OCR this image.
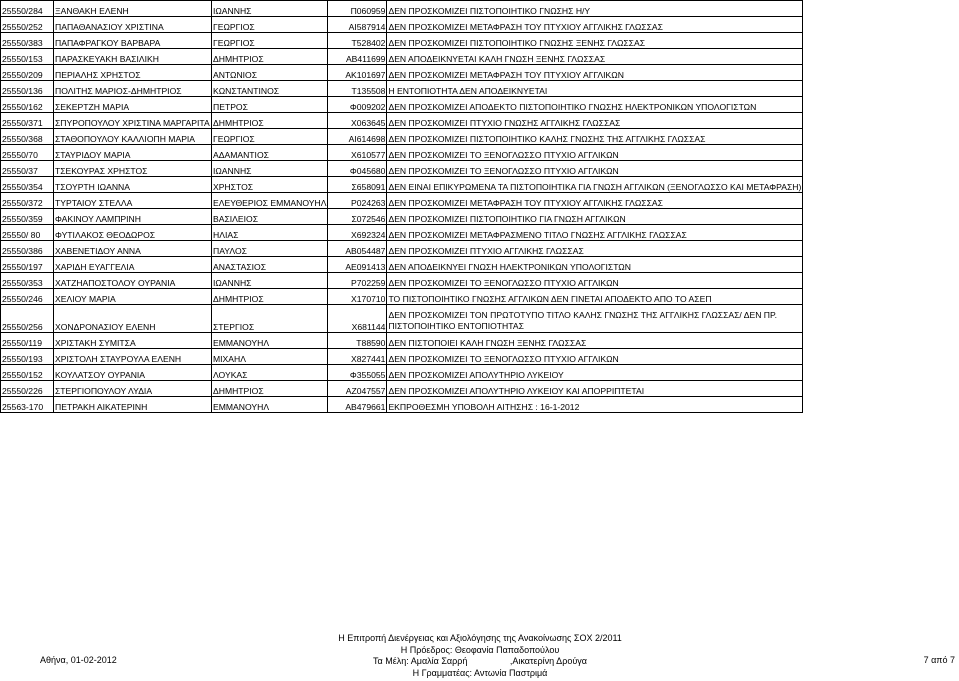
25550/284	ΞΑΝΘΑΚΗ ΕΛΕΝΗ	ΙΩΑΝΝΗΣ	Π060959	ΔΕΝ ΠΡΟΣΚΟΜΙΖΕΙ ΠΙΣΤΟΠΟΙΗΤΙΚΟ ΓΝΩΣΗΣ Η/Υ
25550/252	ΠΑΠΑΘΑΝΑΣΙΟΥ ΧΡΙΣΤΙΝΑ	ΓΕΩΡΓΙΟΣ	ΑΙ587914	ΔΕΝ ΠΡΟΣΚΟΜΙΖΕΙ ΜΕΤΑΦΡΑΣΗ ΤΟΥ ΠΤΥΧΙΟΥ ΑΓΓΛΙΚΗΣ ΓΛΩΣΣΑΣ
25550/383	ΠΑΠΑΦΡΑΓΚΟΥ ΒΑΡΒΑΡΑ	ΓΕΩΡΓΙΟΣ	Τ528402	ΔΕΝ ΠΡΟΣΚΟΜΙΖΕΙ ΠΙΣΤΟΠΟΙΗΤΙΚΟ ΓΝΩΣΗΣ ΞΕΝΗΣ ΓΛΩΣΣΑΣ
25550/153	ΠΑΡΑΣΚΕΥΑΚΗ ΒΑΣΙΛΙΚΗ	ΔΗΜΗΤΡΙΟΣ	ΑΒ411699	ΔΕΝ ΑΠΟΔΕΙΚΝΥΕΤΑΙ ΚΑΛΗ ΓΝΩΣΗ ΞΕΝΗΣ ΓΛΩΣΣΑΣ
25550/209	ΠΕΡΙΑΛΗΣ ΧΡΗΣΤΟΣ	ΑΝΤΩΝΙΟΣ	ΑΚ101697	ΔΕΝ ΠΡΟΣΚΟΜΙΖΕΙ ΜΕΤΑΦΡΑΣΗ ΤΟΥ ΠΤΥΧΙΟΥ ΑΓΓΛΙΚΩΝ
25550/136	ΠΟΛΙΤΗΣ ΜΑΡΙΟΣ-ΔΗΜΗΤΡΙΟΣ	ΚΩΝΣΤΑΝΤΙΝΟΣ	Τ135508	Η ΕΝΤΟΠΙΟΤΗΤΑ ΔΕΝ ΑΠΟΔΕΙΚΝΥΕΤΑΙ
25550/162	ΣΕΚΕΡΤΖΗ ΜΑΡΙΑ	ΠΕΤΡΟΣ	Φ009202	ΔΕΝ ΠΡΟΣΚΟΜΙΖΕΙ ΑΠΟΔΕΚΤΟ ΠΙΣΤΟΠΟΙΗΤΙΚΟ ΓΝΩΣΗΣ ΗΛΕΚΤΡΟΝΙΚΩΝ ΥΠΟΛΟΓΙΣΤΩΝ
25550/371	ΣΠΥΡΟΠΟΥΛΟΥ ΧΡΙΣΤΙΝΑ ΜΑΡΓΑΡΙΤΑ	ΔΗΜΗΤΡΙΟΣ	Χ063645	ΔΕΝ ΠΡΟΣΚΟΜΙΖΕΙ ΠΤΥΧΙΟ ΓΝΩΣΗΣ ΑΓΓΛΙΚΗΣ ΓΛΩΣΣΑΣ
25550/368	ΣΤΑΘΟΠΟΥΛΟΥ ΚΑΛΛΙΟΠΗ ΜΑΡΙΑ	ΓΕΩΡΓΙΟΣ	ΑΙ614698	ΔΕΝ ΠΡΟΣΚΟΜΙΖΕΙ ΠΙΣΤΟΠΟΙΗΤΙΚΟ ΚΑΛΗΣ ΓΝΩΣΗΣ ΤΗΣ ΑΓΓΛΙΚΗΣ ΓΛΩΣΣΑΣ
25550/70	ΣΤΑΥΡΙΔΟΥ ΜΑΡΙΑ	ΑΔΑΜΑΝΤΙΟΣ	Χ610577	ΔΕΝ ΠΡΟΣΚΟΜΙΖΕΙ ΤΟ ΞΕΝΟΓΛΩΣΣΟ ΠΤΥΧΙΟ ΑΓΓΛΙΚΩΝ
25550/37	ΤΣΕΚΟΥΡΑΣ ΧΡΗΣΤΟΣ	ΙΩΑΝΝΗΣ	Φ045680	ΔΕΝ ΠΡΟΣΚΟΜΙΖΕΙ ΤΟ ΞΕΝΟΓΛΩΣΣΟ ΠΤΥΧΙΟ ΑΓΓΛΙΚΩΝ
25550/354	ΤΣΟΥΡΤΗ ΙΩΑΝΝΑ	ΧΡΗΣΤΟΣ	Σ658091	ΔΕΝ ΕΙΝΑΙ ΕΠΙΚΥΡΩΜΕΝΑ ΤΑ ΠΙΣΤΟΠΟΙΗΤΙΚΑ ΓΙΑ ΓΝΩΣΗ ΑΓΓΛΙΚΩΝ (ΞΕΝΟΓΛΩΣΣΟ ΚΑΙ ΜΕΤΑΦΡΑΣΗ)
25550/372	ΤΥΡΤΑΙΟΥ ΣΤΕΛΛΑ	ΕΛΕΥΘΕΡΙΟΣ ΕΜΜΑΝΟΥΗΛ	Ρ024263	ΔΕΝ ΠΡΟΣΚΟΜΙΖΕΙ ΜΕΤΑΦΡΑΣΗ ΤΟΥ ΠΤΥΧΙΟΥ ΑΓΓΛΙΚΗΣ ΓΛΩΣΣΑΣ
25550/359	ΦΑΚΙΝΟΥ ΛΑΜΠΡΙΝΗ	ΒΑΣΙΛΕΙΟΣ	Σ072546	ΔΕΝ ΠΡΟΣΚΟΜΙΖΕΙ ΠΙΣΤΟΠΟΙΗΤΙΚΟ ΓΙΑ ΓΝΩΣΗ ΑΓΓΛΙΚΩΝ
25550/ 80	ΦΥΤΙΛΑΚΟΣ ΘΕΟΔΩΡΟΣ	ΗΛΙΑΣ	Χ692324	ΔΕΝ ΠΡΟΣΚΟΜΙΖΕΙ ΜΕΤΑΦΡΑΣΜΕΝΟ ΤΙΤΛΟ ΓΝΩΣΗΣ ΑΓΓΛΙΚΗΣ ΓΛΩΣΣΑΣ
25550/386	ΧΑΒΕΝΕΤΙΔΟΥ ΑΝΝΑ	ΠΑΥΛΟΣ	ΑΒ054487	ΔΕΝ ΠΡΟΣΚΟΜΙΖΕΙ ΠΤΥΧΙΟ ΑΓΓΛΙΚΗΣ ΓΛΩΣΣΑΣ
25550/197	ΧΑΡΙΔΗ ΕΥΑΓΓΕΛΙΑ	ΑΝΑΣΤΑΣΙΟΣ	ΑΕ091413	ΔΕΝ ΑΠΟΔΕΙΚΝΥΕΙ ΓΝΩΣΗ ΗΛΕΚΤΡΟΝΙΚΩΝ ΥΠΟΛΟΓΙΣΤΩΝ
25550/353	ΧΑΤΖΗΑΠΟΣΤΟΛΟΥ ΟΥΡΑΝΙΑ	ΙΩΑΝΝΗΣ	Ρ702259	ΔΕΝ ΠΡΟΣΚΟΜΙΖΕΙ ΤΟ ΞΕΝΟΓΛΩΣΣΟ ΠΤΥΧΙΟ ΑΓΓΛΙΚΩΝ
25550/246	ΧΕΛΙΟΥ ΜΑΡΙΑ	ΔΗΜΗΤΡΙΟΣ	Χ170710	ΤΟ ΠΙΣΤΟΠΟΙΗΤΙΚΟ ΓΝΩΣΗΣ ΑΓΓΛΙΚΩΝ ΔΕΝ ΓΙΝΕΤΑΙ ΑΠΟΔΕΚΤΟ ΑΠΟ ΤΟ ΑΣΕΠ
25550/256	ΧΟΝΔΡΟΝΑΣΙΟΥ ΕΛΕΝΗ	ΣΤΕΡΓΙΟΣ	Χ681144	ΔΕΝ ΠΡΟΣΚΟΜΙΖΕΙ ΤΟΝ ΠΡΩΤΟΤΥΠΟ ΤΙΤΛΟ ΚΑΛΗΣ ΓΝΩΣΗΣ ΤΗΣ ΑΓΓΛΙΚΗΣ ΓΛΩΣΣΑΣ/ ΔΕΝ ΠΡ. ΠΙΣΤΟΠΟΙΗΤΙΚΟ ΕΝΤΟΠΙΟΤΗΤΑΣ
25550/119	ΧΡΙΣΤΑΚΗ ΣΥΜΙΤΣΑ	ΕΜΜΑΝΟΥΗΛ	Τ88590	ΔΕΝ ΠΙΣΤΟΠΟΙΕΙ ΚΑΛΗ ΓΝΩΣΗ ΞΕΝΗΣ ΓΛΩΣΣΑΣ
25550/193	ΧΡΙΣΤΟΛΗ ΣΤΑΥΡΟΥΛΑ ΕΛΕΝΗ	ΜΙΧΑΗΛ	Χ827441	ΔΕΝ ΠΡΟΣΚΟΜΙΖΕΙ ΤΟ ΞΕΝΟΓΛΩΣΣΟ ΠΤΥΧΙΟ ΑΓΓΛΙΚΩΝ
25550/152	ΚΟΥΛΑΤΣΟΥ ΟΥΡΑΝΙΑ	ΛΟΥΚΑΣ	Φ355055	ΔΕΝ ΠΡΟΣΚΟΜΙΖΕΙ ΑΠΟΛΥΤΗΡΙΟ ΛΥΚΕΙΟΥ
25550/226	ΣΤΕΡΓΙΟΠΟΥΛΟΥ ΛΥΔΙΑ	ΔΗΜΗΤΡΙΟΣ	ΑΖ047557	ΔΕΝ ΠΡΟΣΚΟΜΙΖΕΙ ΑΠΟΛΥΤΗΡΙΟ ΛΥΚΕΙΟΥ ΚΑΙ ΑΠΟΡΡΙΠΤΕΤΑΙ
25563-170	ΠΕΤΡΑΚΗ ΑΙΚΑΤΕΡΙΝΗ	ΕΜΜΑΝΟΥΗΛ	ΑΒ479661	ΕΚΠΡΟΘΕΣΜΗ ΥΠΟΒΟΛΗ ΑΙΤΗΣΗΣ : 16-1-2012
Αθήνα, 01-02-2012
Η Επιτροπή Διενέργειας και Αξιολόγησης της Ανακοίνωσης ΣΟΧ 2/2011
Η Πρόεδρος: Θεοφανία Παπαδοπούλου
Τα Μέλη: Αμαλία Σαρρή                 ,Αικατερίνη Δρούγα
Η Γραμματέας: Αντωνία Παστριμά
7 από 7
